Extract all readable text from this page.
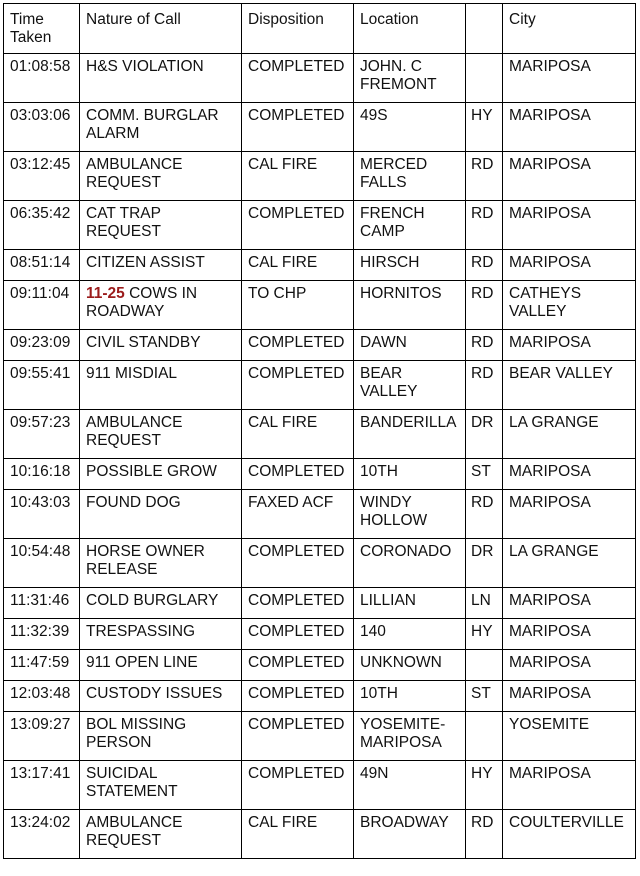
Time Taken	Nature of Call	Disposition	Location		City
01:08:58	H&S VIOLATION	COMPLETED	JOHN. C FREMONT		MARIPOSA
03:03:06	COMM. BURGLAR ALARM	COMPLETED	49S	HY	MARIPOSA
03:12:45	AMBULANCE REQUEST	CAL FIRE	MERCED FALLS	RD	MARIPOSA
06:35:42	CAT TRAP REQUEST	COMPLETED	FRENCH CAMP	RD	MARIPOSA
08:51:14	CITIZEN ASSIST	CAL FIRE	HIRSCH	RD	MARIPOSA
09:11:04	11-25 COWS IN ROADWAY	TO CHP	HORNITOS	RD	CATHEYS VALLEY
09:23:09	CIVIL STANDBY	COMPLETED	DAWN	RD	MARIPOSA
09:55:41	911 MISDIAL	COMPLETED	BEAR VALLEY	RD	BEAR VALLEY
09:57:23	AMBULANCE REQUEST	CAL FIRE	BANDERILLA	DR	LA GRANGE
10:16:18	POSSIBLE GROW	COMPLETED	10TH	ST	MARIPOSA
10:43:03	FOUND DOG	FAXED ACF	WINDY HOLLOW	RD	MARIPOSA
10:54:48	HORSE OWNER RELEASE	COMPLETED	CORONADO	DR	LA GRANGE
11:31:46	COLD BURGLARY	COMPLETED	LILLIAN	LN	MARIPOSA
11:32:39	TRESPASSING	COMPLETED	140	HY	MARIPOSA
11:47:59	911 OPEN LINE	COMPLETED	UNKNOWN		MARIPOSA
12:03:48	CUSTODY ISSUES	COMPLETED	10TH	ST	MARIPOSA
13:09:27	BOL MISSING PERSON	COMPLETED	YOSEMITE-MARIPOSA		YOSEMITE
13:17:41	SUICIDAL STATEMENT	COMPLETED	49N	HY	MARIPOSA
13:24:02	AMBULANCE REQUEST	CAL FIRE	BROADWAY	RD	COULTERVILLE
